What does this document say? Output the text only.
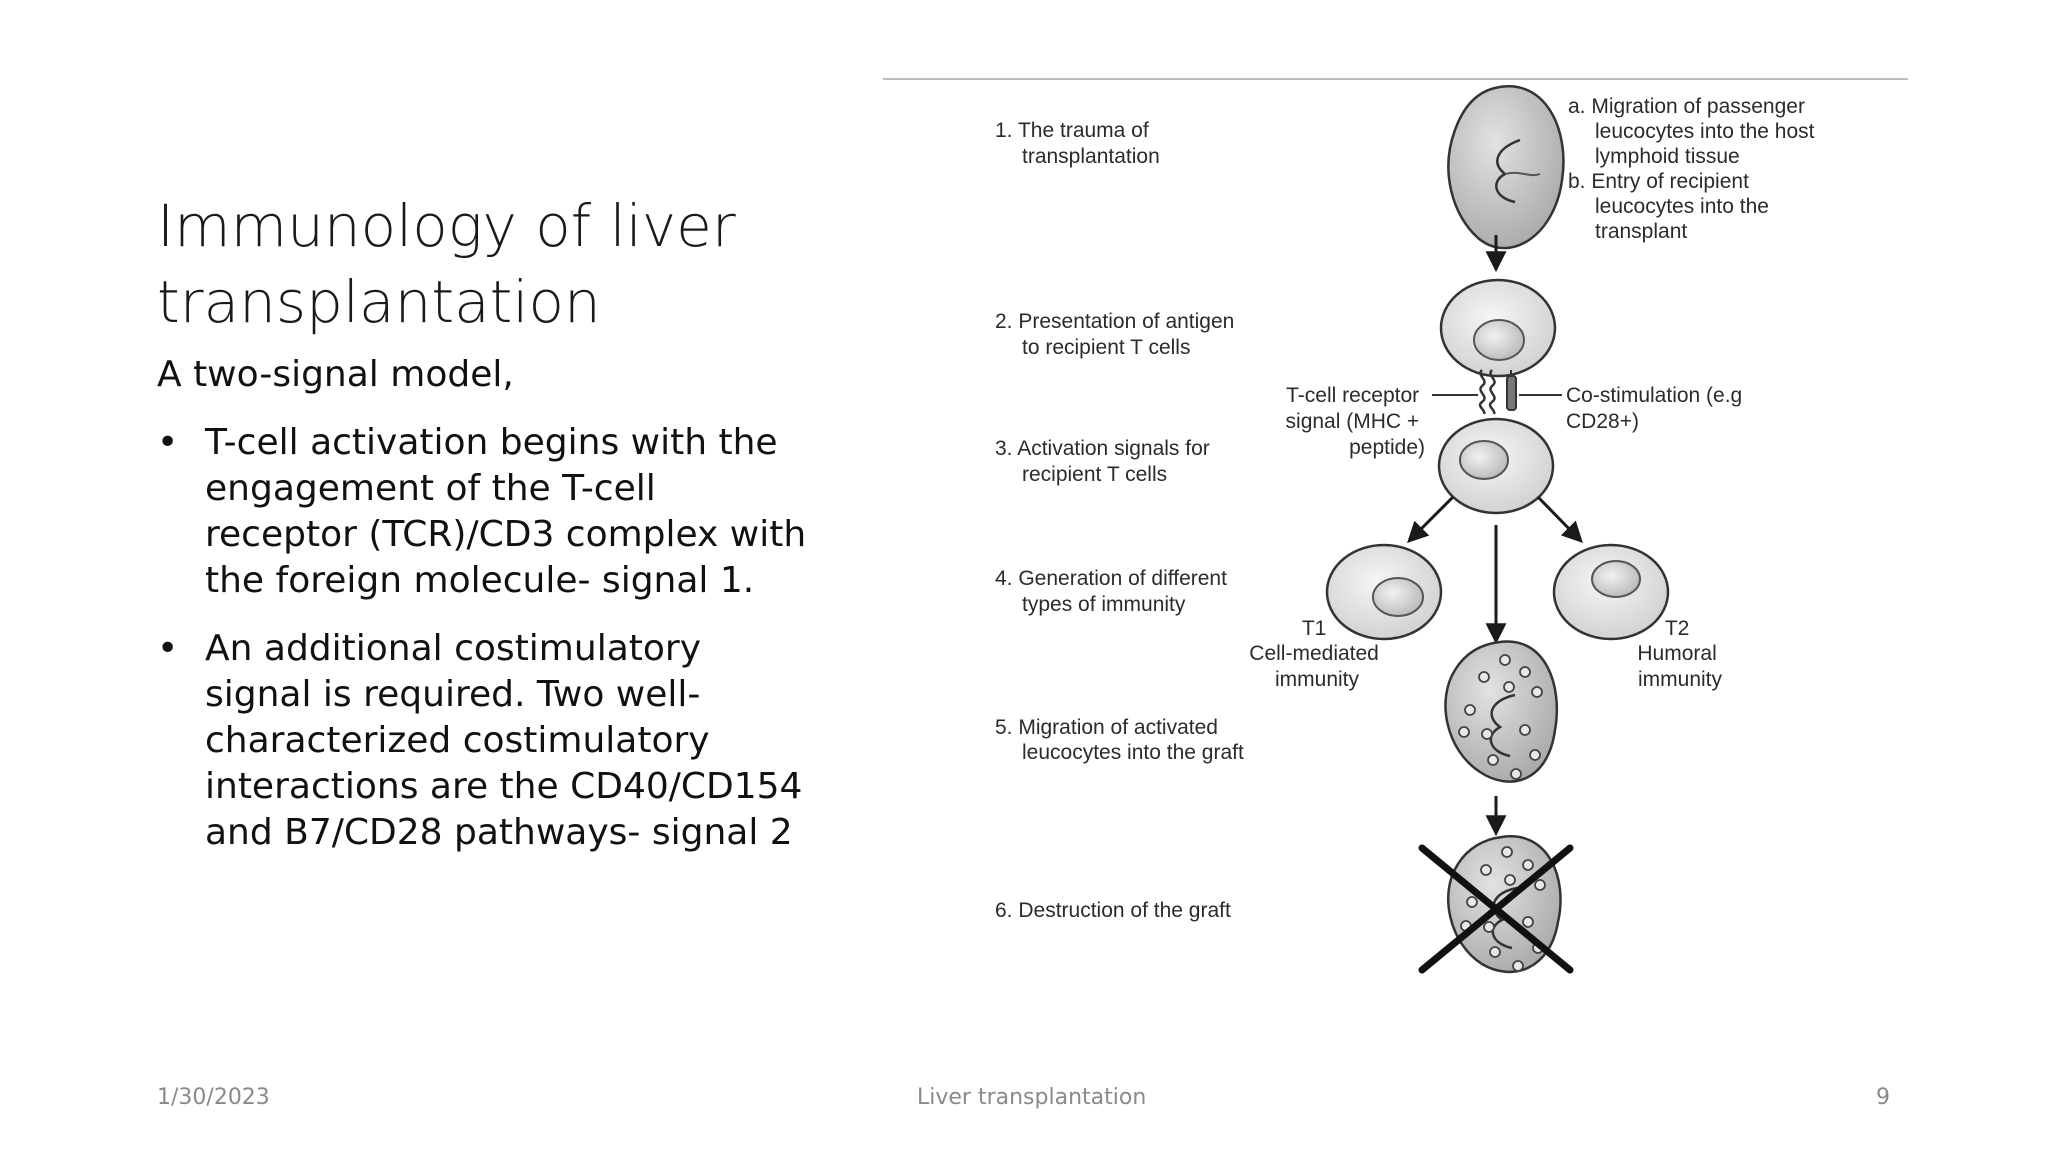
Immunology of liver
transplantation

A two-signal model,

• T-cell activation begins with the
engagement of the T-cell
receptor (TCR)/CD3 complex with
the foreign molecule- signal 1.
• An additional costimulatory
signal is required. Two well-
characterized costimulatory
interactions are the CD40/CD154
and B7/CD28 pathways- signal 2
1. The trauma of transplantation
2. Presentation of antigen to recipient T cells
3. Activation signals for recipient T cells
4. Generation of different types of immunity
5. Migration of activated leucocytes into the graft
6. Destruction of the graft
a. Migration of passenger leucocytes into the host lymphoid tissue b. Entry of recipient leucocytes into the transplant
T-cell receptor signal (MHC + peptide)
Co-stimulation (e.g CD28+)
T1 Cell-mediated immunity
T2 Humoral immunity
1/30/2023	Liver transplantation	9
